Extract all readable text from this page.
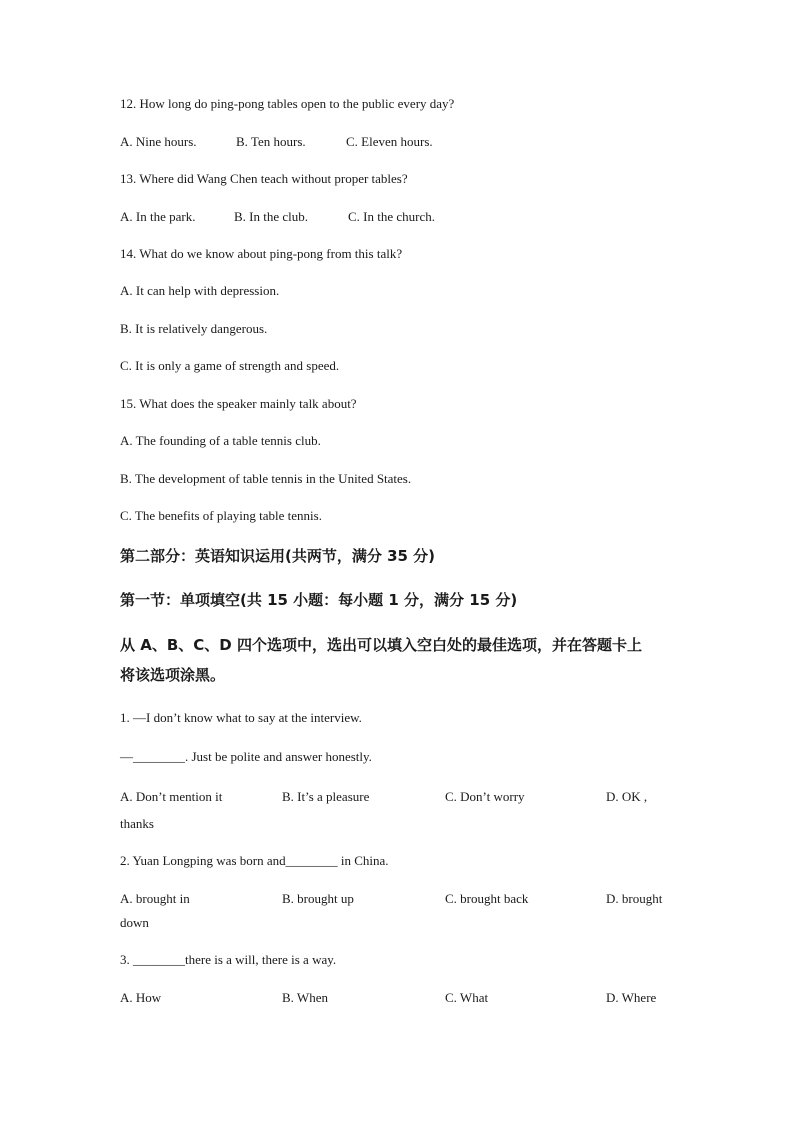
12. How long do ping-pong tables open to the public every day?
A. Nine hours.	B. Ten hours.	C. Eleven hours.
13. Where did Wang Chen teach without proper tables?
A. In the park.	B. In the club.	C. In the church.
14. What do we know about ping-pong from this talk?
A. It can help with depression.
B. It is relatively dangerous.
C. It is only a game of strength and speed.
15. What does the speaker mainly talk about?
A. The founding of a table tennis club.
B. The development of table tennis in the United States.
C. The benefits of playing table tennis.
第二部分：英语知识运用(共两节，满分 35 分)
第一节：单项填空(共 15 小题：每小题 1 分，满分 15 分)
从 A、B、C、D 四个选项中，选出可以填入空白处的最佳选项，并在答题卡上
将该选项涂黑。
1. —I don’t know what to say at the interview.
—________. Just be polite and answer honestly.
A. Don’t mention it	B. It’s a pleasure	C. Don’t worry	D. OK ,
thanks
2. Yuan Longping was born and________ in China.
A. brought in	B. brought up	C. brought back	D. brought
down
3. ________there is a will, there is a way.
A. How	B. When	C. What	D. Where
